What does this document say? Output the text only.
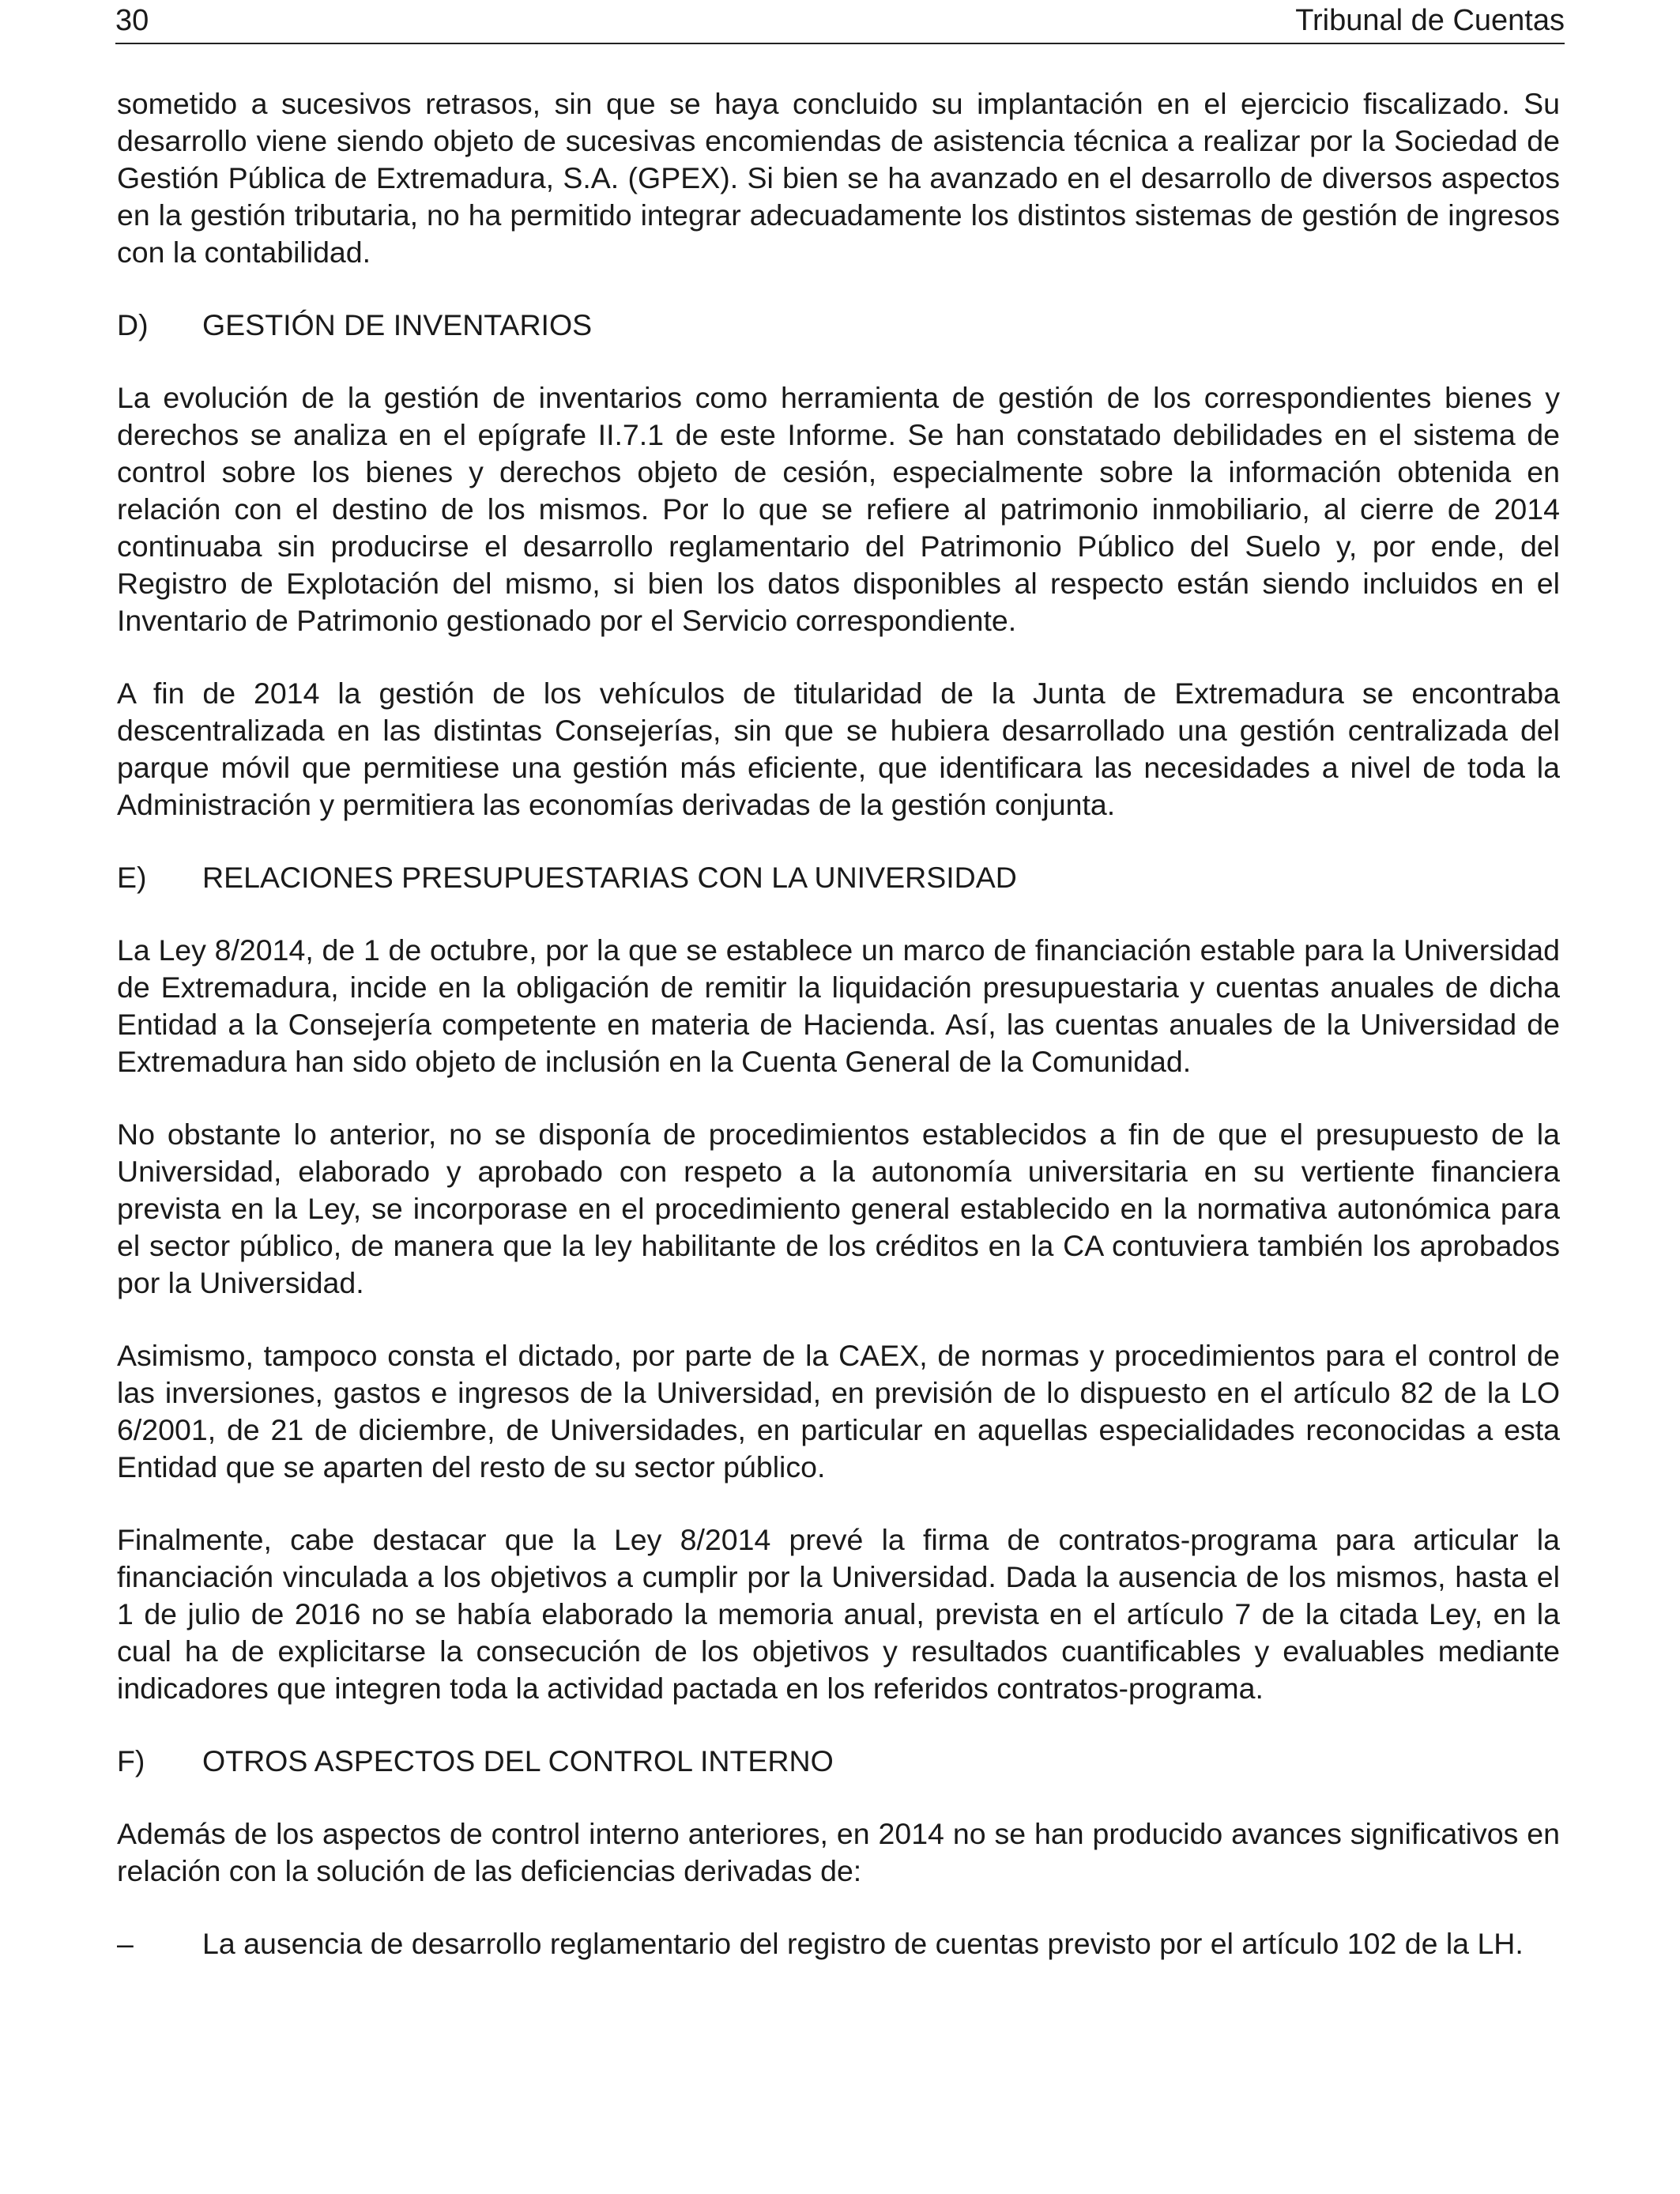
30	Tribunal de Cuentas

sometido a sucesivos retrasos, sin que se haya concluido su implantación en el ejercicio fiscalizado. Su desarrollo viene siendo objeto de sucesivas encomiendas de asistencia técnica a realizar por la Sociedad de Gestión Pública de Extremadura, S.A. (GPEX). Si bien se ha avanzado en el desarrollo de diversos aspectos en la gestión tributaria, no ha permitido integrar adecuadamente los distintos sistemas de gestión de ingresos con la contabilidad.

D)	GESTIÓN DE INVENTARIOS

La evolución de la gestión de inventarios como herramienta de gestión de los correspondientes bienes y derechos se analiza en el epígrafe II.7.1 de este Informe. Se han constatado debilidades en el sistema de control sobre los bienes y derechos objeto de cesión, especialmente sobre la información obtenida en relación con el destino de los mismos. Por lo que se refiere al patrimonio inmobiliario, al cierre de 2014 continuaba sin producirse el desarrollo reglamentario del Patrimonio Público del Suelo y, por ende, del Registro de Explotación del mismo, si bien los datos disponibles al respecto están siendo incluidos en el Inventario de Patrimonio gestionado por el Servicio correspondiente.

A fin de 2014 la gestión de los vehículos de titularidad de la Junta de Extremadura se encontraba descentralizada en las distintas Consejerías, sin que se hubiera desarrollado una gestión centralizada del parque móvil que permitiese una gestión más eficiente, que identificara las necesidades a nivel de toda la Administración y permitiera las economías derivadas de la gestión conjunta.

E)	RELACIONES PRESUPUESTARIAS CON LA UNIVERSIDAD

La Ley 8/2014, de 1 de octubre, por la que se establece un marco de financiación estable para la Universidad de Extremadura, incide en la obligación de remitir la liquidación presupuestaria y cuentas anuales de dicha Entidad a la Consejería competente en materia de Hacienda. Así, las cuentas anuales de la Universidad de Extremadura han sido objeto de inclusión en la Cuenta General de la Comunidad.

No obstante lo anterior, no se disponía de procedimientos establecidos a fin de que el presupuesto de la Universidad, elaborado y aprobado con respeto a la autonomía universitaria en su vertiente financiera prevista en la Ley, se incorporase en el procedimiento general establecido en la normativa autonómica para el sector público, de manera que la ley habilitante de los créditos en la CA contuviera también los aprobados por la Universidad.

Asimismo, tampoco consta el dictado, por parte de la CAEX, de normas y procedimientos para el control de las inversiones, gastos e ingresos de la Universidad, en previsión de lo dispuesto en el artículo 82 de la LO 6/2001, de 21 de diciembre, de Universidades, en particular en aquellas especialidades reconocidas a esta Entidad que se aparten del resto de su sector público.

Finalmente, cabe destacar que la Ley 8/2014 prevé la firma de contratos-programa para articular la financiación vinculada a los objetivos a cumplir por la Universidad. Dada la ausencia de los mismos, hasta el 1 de julio de 2016 no se había elaborado la memoria anual, prevista en el artículo 7 de la citada Ley, en la cual ha de explicitarse la consecución de los objetivos y resultados cuantificables y evaluables mediante indicadores que integren toda la actividad pactada en los referidos contratos-programa.

F)	OTROS ASPECTOS DEL CONTROL INTERNO

Además de los aspectos de control interno anteriores, en 2014 no se han producido avances significativos en relación con la solución de las deficiencias derivadas de:

– La ausencia de desarrollo reglamentario del registro de cuentas previsto por el artículo 102 de la LH.
